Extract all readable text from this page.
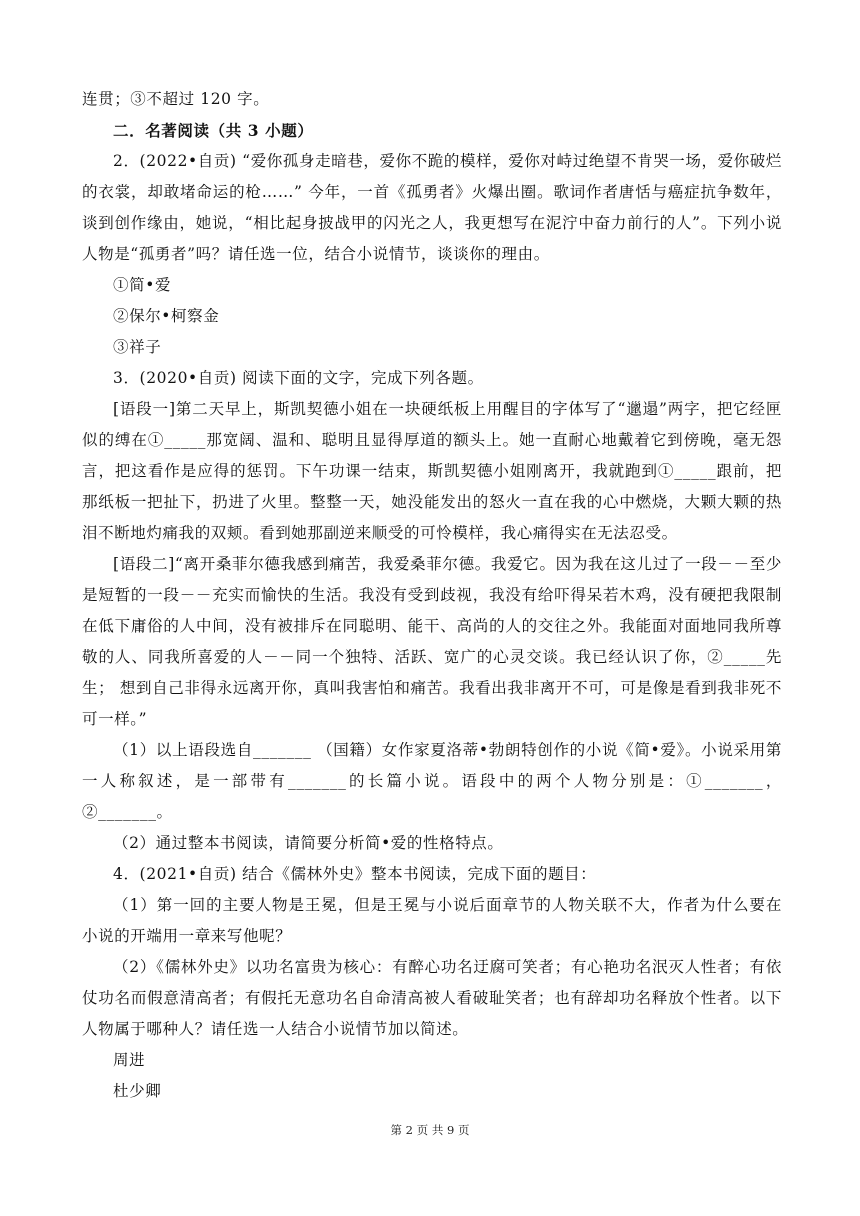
连贯；③不超过 120 字。

二．名著阅读（共 3 小题）

2．(2022•自贡) “爱你孤身走暗巷，爱你不跪的模样，爱你对峙过绝望不肯哭一场，爱你破烂的衣裳，却敢堵命运的枪……” 今年，一首《孤勇者》火爆出圈。歌词作者唐恬与癌症抗争数年，谈到创作缘由，她说，“相比起身披战甲的闪光之人，我更想写在泥泞中奋力前行的人”。下列小说人物是“孤勇者”吗？请任选一位，结合小说情节，谈谈你的理由。

①简•爱

②保尔•柯察金

③祥子

3．(2020•自贡) 阅读下面的文字，完成下列各题。

[语段一]第二天早上，斯凯契德小姐在一块硬纸板上用醒目的字体写了“邋遢”两字，把它经匣似的缚在①_____那宽阔、温和、聪明且显得厚道的额头上。她一直耐心地戴着它到傍晚，毫无怨言，把这看作是应得的惩罚。下午功课一结束，斯凯契德小姐刚离开，我就跑到①_____跟前，把那纸板一把扯下，扔进了火里。整整一天，她没能发出的怒火一直在我的心中燃烧，大颗大颗的热泪不断地灼痛我的双颊。看到她那副逆来顺受的可怜模样，我心痛得实在无法忍受。

[语段二]“离开桑菲尔德我感到痛苦，我爱桑菲尔德。我爱它。因为我在这儿过了一段－－至少是短暂的一段－－充实而愉快的生活。我没有受到歧视，我没有给吓得呆若木鸡，没有硬把我限制在低下庸俗的人中间，没有被排斥在同聪明、能干、高尚的人的交往之外。我能面对面地同我所尊敬的人、同我所喜爱的人－－同一个独特、活跃、宽广的心灵交谈。我已经认识了你，②_____先生； 想到自己非得永远离开你，真叫我害怕和痛苦。我看出我非离开不可，可是像是看到我非死不可一样。”

（1）以上语段选自_______ （国籍）女作家夏洛蒂•勃朗特创作的小说《简•爱》。小说采用第一人称叙述，是一部带有_______的长篇小说。语段中的两个人物分别是：①_______，②_______。

（2）通过整本书阅读，请简要分析简•爱的性格特点。

4．(2021•自贡) 结合《儒林外史》整本书阅读，完成下面的题目：

（1）第一回的主要人物是王冕，但是王冕与小说后面章节的人物关联不大，作者为什么要在小说的开端用一章来写他呢？

（2）《儒林外史》以功名富贵为核心：有醉心功名迂腐可笑者；有心艳功名泯灭人性者；有依仗功名而假意清高者；有假托无意功名自命清高被人看破耻笑者；也有辞却功名释放个性者。以下人物属于哪种人？请任选一人结合小说情节加以简述。

周进

杜少卿

第 2 页 共 9 页
